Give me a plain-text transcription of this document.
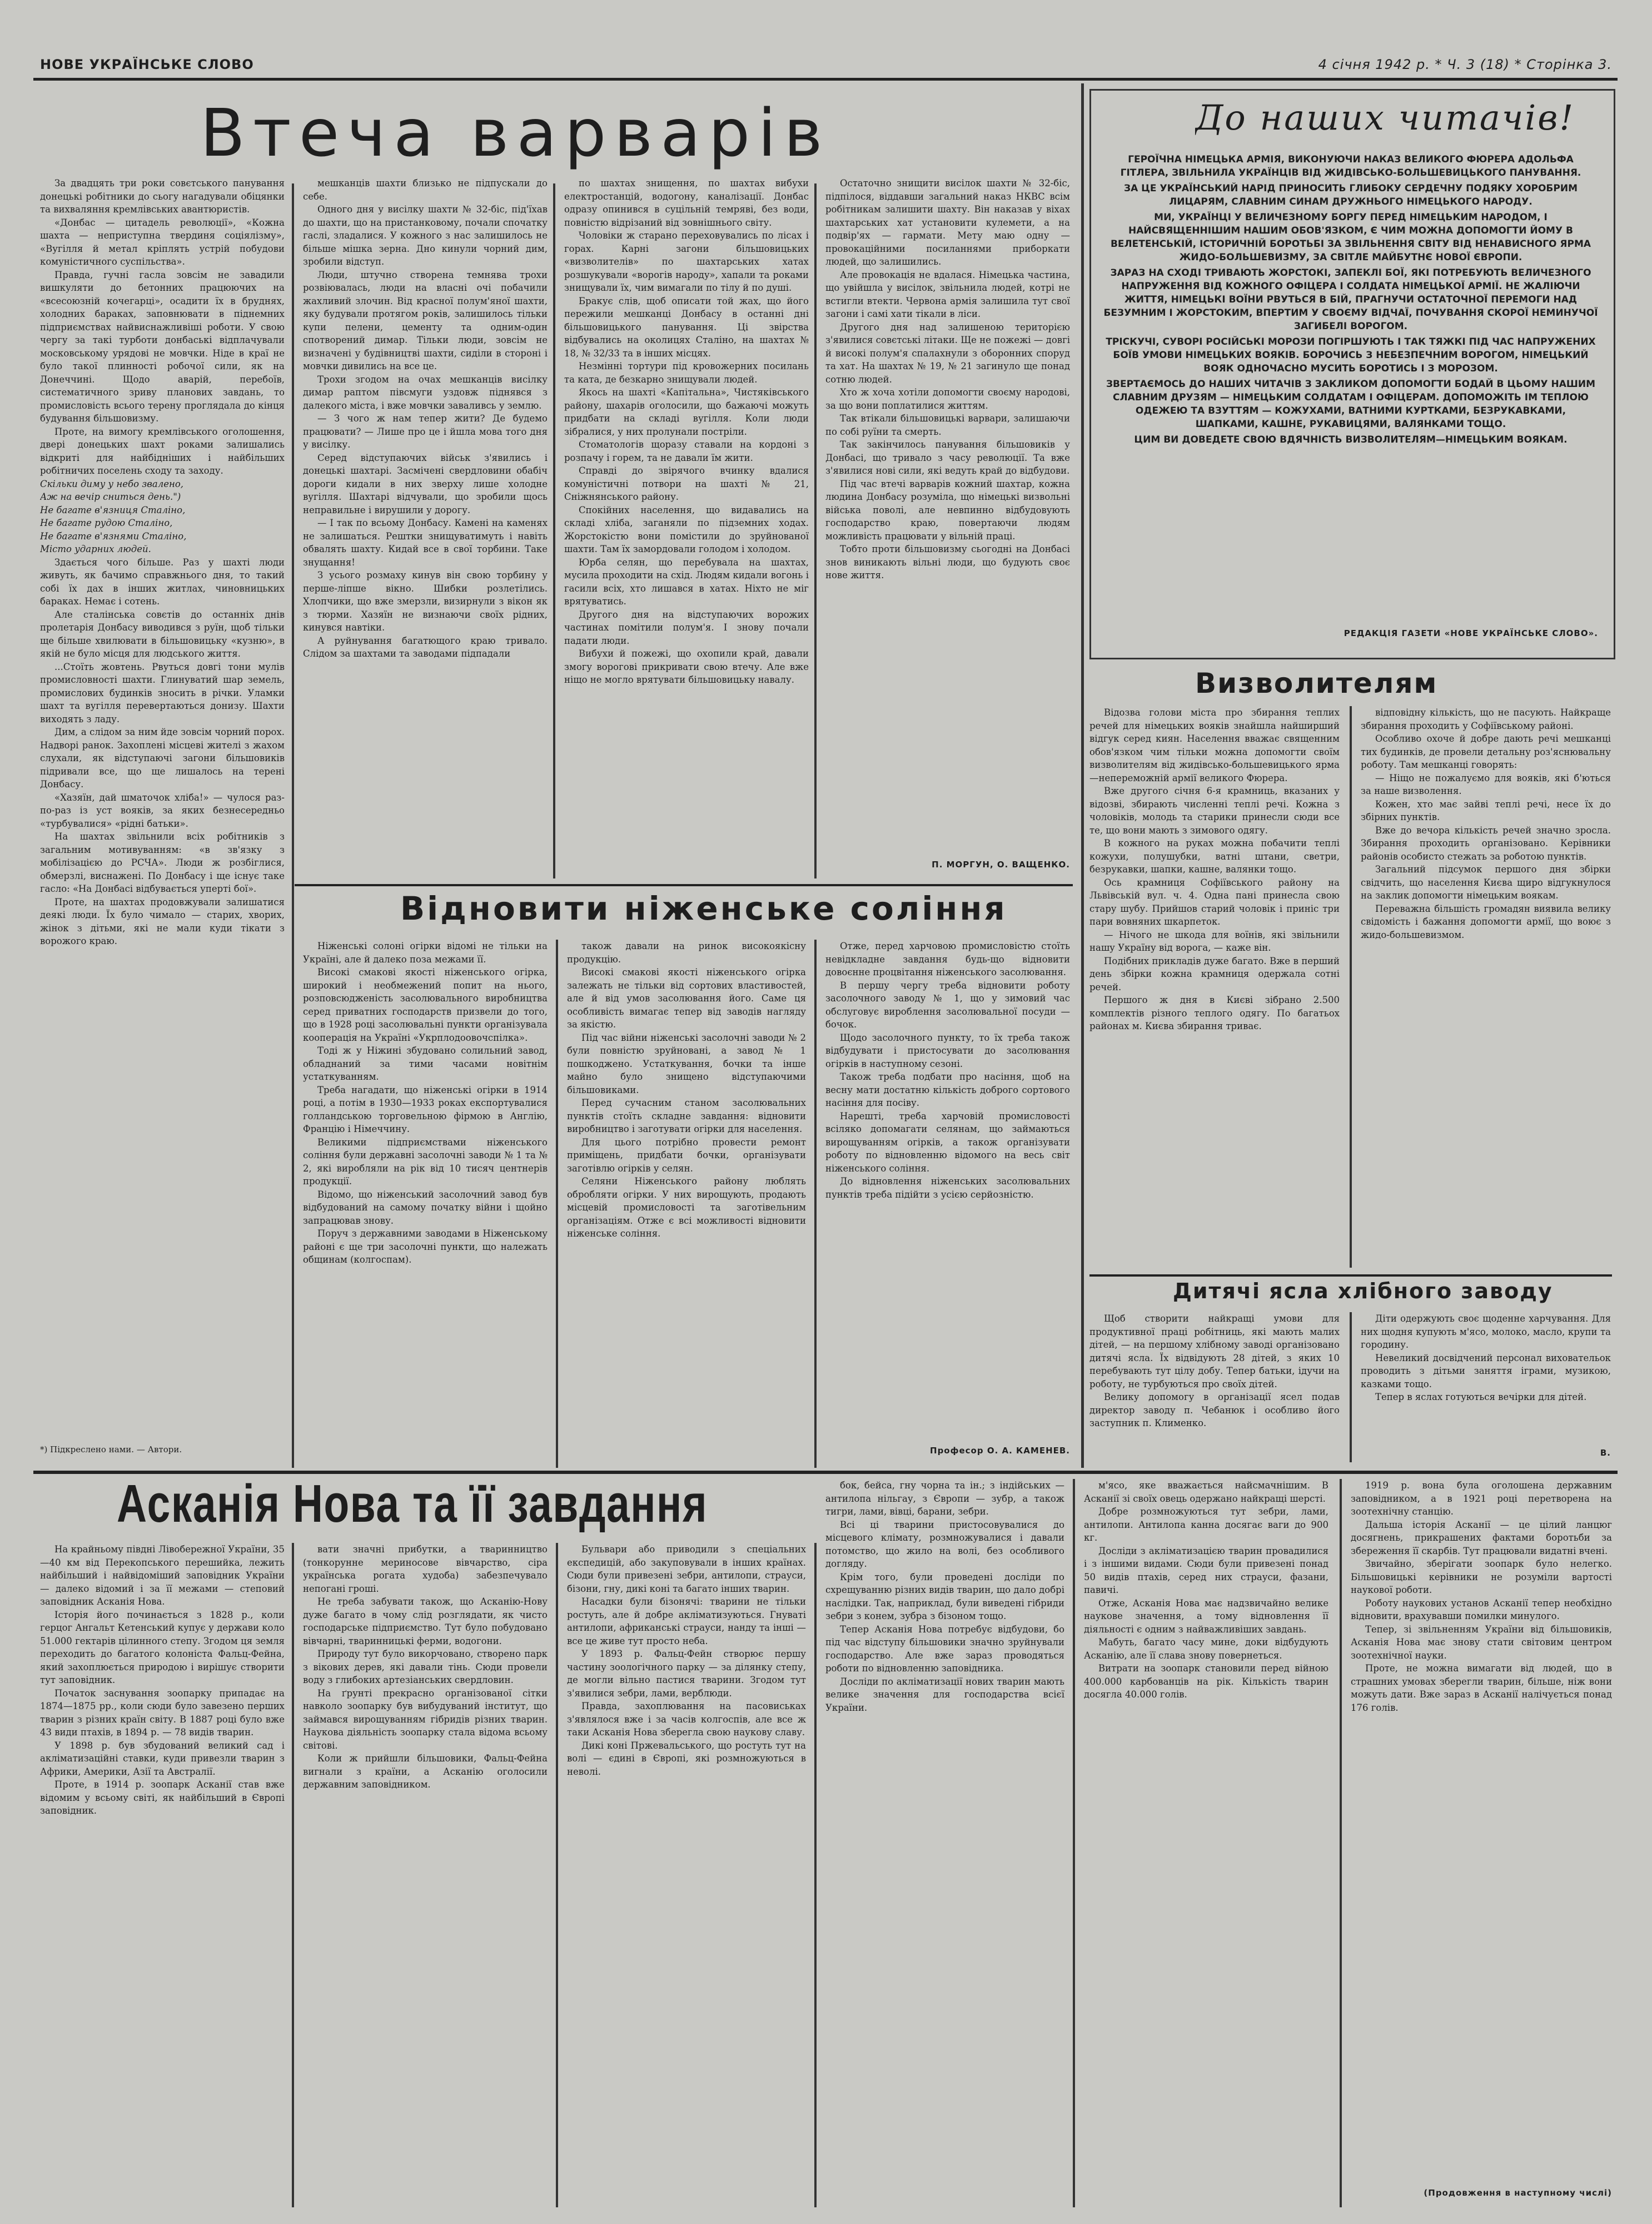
НОВЕ УКРАЇНСЬКЕ СЛОВО	4 січня 1942 р. * Ч. 3 (18) * Сторінка 3.
Втеча варварів

За двадцять три роки совєтського панування донецькі робітники до сьогу нагадували обіцянки та вихваляння кремлівських авантюристів.

«Донбас — цитадель революції», «Кожна шахта — неприступна твердиня соціялізму», «Вугілля й метал кріплять устрій побудови комуністичного суспільства».

Правда, гучні гасла зовсім не завадили вишкуляти до бетонних працюючих на «всесоюзній кочегарці», осадити їх в бруднях, холодних бараках, заповнювати в піднемних підприємствах найвиснажливіші роботи. У свою чергу за такі турботи донбаські відплачували московському урядові не мовчки. Ніде в краї не було такої плинності робочої сили, як на Донеччині. Щодо аварій, перебоїв, систематичного зриву планових завдань, то промисловість всього терену проглядала до кінця будування більшовизму.

Проте, на вимогу кремлівського оголошення, двері донецьких шахт роками залишались відкриті для найбідніших і найбільших робітничих поселень сходу та заходу.

Скільки диму у небо звалено,
Аж на вечір сниться день.")
Не багате в'язниця Сталіно,
Не багате рудою Сталіно,
Не багате в'язнями Сталіно,
Місто ударних людей.

Здається чого більше. Раз у шахті люди живуть, як бачимо справжнього дня, то такий собі їх дах в інших житлах, чиновницьких бараках. Немає і сотень.

Але сталінська совєтів до останніх днів пролетарія Донбасу виводився з руїн, щоб тільки ще більше хвилювати в більшовицьку «кузню», в якій не було місця для людського життя.

...Стоїть жовтень. Рвуться довгі тони мулів промисловності шахти. Глинуватий шар земель, промислових будинків зносить в річки. Уламки шахт та вугілля перевертаються донизу. Шахти виходять з ладу.

Дим, а слідом за ним йде зовсім чорний порох. Надворі ранок. Захоплені місцеві жителі з жахом слухали, як відступаючі загони більшовиків підривали все, що ще лишалось на терені Донбасу.

«Хазяїн, дай шматочок хліба!» — чулося раз-по-раз із уст вояків, за яких безнесередньо «турбувалися» «рідні батьки».

На шахтах звільнили всіх робітників з загальним мотивуванням: «в зв'язку з мобілізацією до РСЧА». Люди ж розбіглися, обмерзлі, виснажені. По Донбасу і ще існує таке гасло: «На Донбасі відбувається уперті бої».

Проте, на шахтах продовжували залишатися деякі люди. Їх було чимало — старих, хворих, жінок з дітьми, які не мали куди тікати з ворожого краю.

*) Підкреслено нами. — Автори.

мешканців шахти близько не підпускали до себе.

Одного дня у висілку шахти № 32-біс, під'їхав до шахти, що на пристанковому, почали спочатку гаслі, зладалися. У кожного з нас залишилось не більше мішка зерна. Дно кинули чорний дим, зробили відступ.

Люди, штучно створена темнява трохи розвіювалась, люди на власні очі побачили жахливий злочин. Від красної полум'яної шахти, яку будували протягом років, залишилось тільки купи пелени, цементу та одним-один спотворений димар. Тільки люди, зовсім не визначені у будівництві шахти, сиділи в стороні і мовчки дивились на все це.

Трохи згодом на очах мешканців висілку димар раптом півсмуги уздовж піднявся з далекого міста, і вже мовчки заваливсь у землю.

— З чого ж нам тепер жити? Де будемо працювати? — Лише про це і йшла мова того дня у висілку.

Серед відступаючих військ з'явились і донецькі шахтарі. Засмічені свердловини обабіч дороги кидали в них зверху лише холодне вугілля. Шахтарі відчували, що зробили щось неправильне і вирушили у дорогу.

— І так по всьому Донбасу. Камені на каменях не залишаться. Рештки знищуватимуть і навіть обвалять шахту. Кидай все в свої торбини. Таке знущання!

З усього розмаху кинув він свою торбину у перше-ліпше вікно. Шибки розлетілись. Хлопчики, що вже змерзли, визирнули з вікон як з тюрми. Хазяїн не визнаючи своїх рідних, кинувся навтіки.

А руйнування багатющого краю тривало. Слідом за шахтами та заводами підпадали

по шахтах знищення, по шахтах вибухи електростанцій, водогону, каналізації. Донбас одразу опинився в суцільній темряві, без води, повністю відрізаний від зовнішнього світу.

Чоловіки ж старано переховувались по лісах і горах. Карні загони більшовицьких «визволителів» по шахтарських хатах розшукували «ворогів народу», хапали та роками знищували їх, чим вимагали по тілу й по душі.

Бракує слів, щоб описати той жах, що його пережили мешканці Донбасу в останні дні більшовицького панування. Ці звірства відбувались на околицях Сталіно, на шахтах № 18, № 32/33 та в інших місцях.

Незмінні тортури під кровожерних посилань та ката, де безкарно знищували людей.

Якось на шахті «Капітальна», Чистяківського району, шахарів оголосили, що бажаючі можуть придбати на складі вугілля. Коли люди зібралися, у них пролунали постріли.

Стоматологів щоразу ставали на кордоні з розпачу і горем, та не давали їм жити.

Справді до звірячого вчинку вдалися комуністичні потвори на шахті № 21, Сніжнянського району.

Спокійних населення, що видавались на складі хліба, заганяли по підземних ходах. Жорстокістю вони помістили до зруйнованої шахти. Там їх замордовали голодом і холодом.

Юрба селян, що перебувала на шахтах, мусила проходити на схід. Людям кидали вогонь і гасили всіх, хто лишався в хатах. Ніхто не міг врятуватись.

Другого дня на відступаючих ворожих частинах помітили полум'я. І знову почали падати люди.

Вибухи й пожежі, що охопили край, давали змогу ворогові прикривати свою втечу. Але вже ніщо не могло врятувати більшовицьку навалу.

Остаточно знищити висілок шахти № 32-біс, підпілося, віддавши загальний наказ НКВС всім робітникам залишити шахту. Він наказав у віхах шахтарських хат установити кулемети, а на подвір'ях — гармати. Мету маю одну — провокаційними посиланнями приборкати людей, що залишились.

Але провокація не вдалася. Німецька частина, що увійшла у висілок, звільнила людей, котрі не встигли втекти. Червона армія залишила тут свої загони і самі хати тікали в ліси.

Другого дня над залишеною територією з'явилися совєтські літаки. Ще не пожежі — довгі й високі полум'я спалахнули з оборонних споруд та хат. На шахтах № 19, № 21 загинуло ще понад сотню людей.

Хто ж хоча хотіли допомогти своєму народові, за що вони поплатилися життям.

Так втікали більшовицькі варвари, залишаючи по собі руїни та смерть.

Так закінчилось панування більшовиків у Донбасі, що тривало з часу революції. Та вже з'явилися нові сили, які ведуть край до відбудови.

Під час втечі варварів кожний шахтар, кожна людина Донбасу розуміла, що німецькі визвольні війська поволі, але невпинно відбудовують господарство краю, повертаючи людям можливість працювати у вільній праці.

Тобто проти більшовизму сьогодні на Донбасі знов виникають вільні люди, що будують своє нове життя.

П. МОРГУН, О. ВАЩЕНКО.
Відновити ніженське соління

Ніженські солоні огірки відомі не тільки на Україні, але й далеко поза межами її.

Високі смакові якості ніженського огірка, широкий і необмежений попит на нього, розповсюдженість засолювального виробництва серед приватних господарств призвели до того, що в 1928 році засолювальні пункти організувала кооперація на Україні «Укрплодоовочспілка».

Тоді ж у Ніжині збудовано солильний завод, обладнаний за тими часами новітнім устаткуванням.

Треба нагадати, що ніженські огірки в 1914 році, а потім в 1930—1933 роках експортувалися голландською торговельною фірмою в Англію, Францію і Німеччину.

Великими підприємствами ніженського соління були державні засолочні заводи № 1 та № 2, які виробляли на рік від 10 тисяч центнерів продукції.

Відомо, що ніженський засолочний завод був відбудований на самому початку війни і щойно запрацював знову.

Поруч з державними заводами в Ніженському районі є ще три засолочні пункти, що належать общинам (колгоспам).

також давали на ринок високоякісну продукцію.

Високі смакові якості ніженського огірка залежать не тільки від сортових властивостей, але й від умов засолювання його. Саме ця особливість вимагає тепер від заводів нагляду за якістю.

Під час війни ніженські засолочні заводи № 2 були повністю зруйновані, а завод № 1 пошкоджено. Устаткування, бочки та інше майно було знищено відступаючими більшовиками.

Перед сучасним станом засолювальних пунктів стоїть складне завдання: відновити виробництво і заготувати огірки для населення.

Для цього потрібно провести ремонт приміщень, придбати бочки, організувати заготівлю огірків у селян.

Селяни Ніженського району люблять обробляти огірки. У них вирощують, продають місцевій промисловості та заготівельним організаціям. Отже є всі можливості відновити ніженське соління.

Отже, перед харчовою промисловістю стоїть невідкладне завдання будь-що відновити довоєнне процвітання ніженського засолювання.

В першу чергу треба відновити роботу засолочного заводу № 1, що у зимовий час обслуговує вироблення засолювальної посуди — бочок.

Щодо засолочного пункту, то їх треба також відбудувати і пристосувати до засолювання огірків в наступному сезоні.

Також треба подбати про насіння, щоб на весну мати достатню кількість доброго сортового насіння для посіву.

Нарешті, треба харчовій промисловості всіляко допомагати селянам, що займаються вирощуванням огірків, а також організувати роботу по відновленню відомого на весь світ ніженського соління.

До відновлення ніженських засолювальних пунктів треба підійти з усією серйозністю.

Професор О. А. КАМЕНЕВ.
До наших читачів!

ГЕРОЇЧНА НІМЕЦЬКА АРМІЯ, ВИКОНУЮЧИ НАКАЗ ВЕЛИКОГО ФЮРЕРА АДОЛЬФА ГІТЛЕРА, ЗВІЛЬНИЛА УКРАЇНЦІВ ВІД ЖИДІВСЬКО-БОЛЬШЕВИЦЬКОГО ПАНУВАННЯ.

ЗА ЦЕ УКРАЇНСЬКИЙ НАРІД ПРИНОСИТЬ ГЛИБОКУ СЕРДЕЧНУ ПОДЯКУ ХОРОБРИМ ЛИЦАРЯМ, СЛАВНИМ СИНАМ ДРУЖНЬОГО НІМЕЦЬКОГО НАРОДУ.

МИ, УКРАЇНЦІ У ВЕЛИЧЕЗНОМУ БОРГУ ПЕРЕД НІМЕЦЬКИМ НАРОДОМ, І НАЙСВЯЩЕННІШИМ НАШИМ ОБОВ'ЯЗКОМ, Є ЧИМ МОЖНА ДОПОМОГТИ ЙОМУ В ВЕЛЕТЕНСЬКІЙ, ІСТОРИЧНІЙ БОРОТЬБІ ЗА ЗВІЛЬНЕННЯ СВІТУ ВІД НЕНАВИСНОГО ЯРМА ЖИДО-БОЛЬШЕВИЗМУ, ЗА СВІТЛЕ МАЙБУТНЄ НОВОЇ ЄВРОПИ.

ЗАРАЗ НА СХОДІ ТРИВАЮТЬ ЖОРСТОКІ, ЗАПЕКЛІ БОЇ, ЯКІ ПОТРЕБУЮТЬ ВЕЛИЧЕЗНОГО НАПРУЖЕННЯ ВІД КОЖНОГО ОФІЦЕРА І СОЛДАТА НІМЕЦЬКОЇ АРМІЇ. НЕ ЖАЛІЮЧИ ЖИТТЯ, НІМЕЦЬКІ ВОЇНИ РВУТЬСЯ В БІЙ, ПРАГНУЧИ ОСТАТОЧНОЇ ПЕРЕМОГИ НАД БЕЗУМНИМ І ЖОРСТОКИМ, ВПЕРТИМ У СВОЄМУ ВІДЧАЇ, ПОЧУВАННЯ СКОРОЇ НЕМИНУЧОЇ ЗАГИБЕЛІ ВОРОГОМ.

ТРІСКУЧІ, СУВОРІ РОСІЙСЬКІ МОРОЗИ ПОГІРШУЮТЬ І ТАК ТЯЖКІ ПІД ЧАС НАПРУЖЕНИХ БОЇВ УМОВИ НІМЕЦЬКИХ ВОЯКІВ. БОРОЧИСЬ З НЕБЕЗПЕЧНИМ ВОРОГОМ, НІМЕЦЬКИЙ ВОЯК ОДНОЧАСНО МУСИТЬ БОРОТИСЬ І З МОРОЗОМ.

ЗВЕРТАЄМОСЬ ДО НАШИХ ЧИТАЧІВ З ЗАКЛИКОМ ДОПОМОГТИ БОДАЙ В ЦЬОМУ НАШИМ СЛАВНИМ ДРУЗЯМ — НІМЕЦЬКИМ СОЛДАТАМ І ОФІЦЕРАМ. ДОПОМОЖІТЬ ІМ ТЕПЛОЮ ОДЕЖЕЮ ТА ВЗУТТЯМ — КОЖУХАМИ, ВАТНИМИ КУРТКАМИ, БЕЗРУКАВКАМИ, ШАПКАМИ, КАШНЕ, РУКАВИЦЯМИ, ВАЛЯНКАМИ ТОЩО.

ЦИМ ВИ ДОВЕДЕТЕ СВОЮ ВДЯЧНІСТЬ ВИЗВОЛИТЕЛЯМ—НІМЕЦЬКИМ ВОЯКАМ.

РЕДАКЦІЯ ГАЗЕТИ «НОВЕ УКРАЇНСЬКЕ СЛОВО».
Визволителям

Відозва голови міста про збирання теплих речей для німецьких вояків знайшла найширший відгук серед киян. Населення вважає священним обов'язком чим тільки можна допомогти своїм визволителям від жидівсько-большевицького ярма—непереможній армії великого Фюрера.

Вже другого січня 6-я крамниць, вказаних у відозві, збирають численні теплі речі. Кожна з чоловіків, молодь та старики принесли сюди все те, що вони мають з зимового одягу.

В кожного на руках можна побачити теплі кожухи, полушубки, ватні штани, светри, безрукавки, шапки, кашне, валянки тощо.

Ось крамниця Софіївського району на Львівській вул. ч. 4. Одна пані принесла свою стару шубу. Прийшов старий чоловік і приніс три пари вовняних шкарпеток.

— Нічого не шкода для воїнів, які звільнили нашу Україну від ворога, — каже він.

Подібних прикладів дуже багато. Вже в перший день збірки кожна крамниця одержала сотні речей.

Першого ж дня в Києві зібрано 2.500 комплектів різного теплого одягу. По багатьох районах м. Києва збирання триває.

відповідну кількість, що не пасують. Найкраще збирання проходить у Софіївському районі.

Особливо охоче й добре дають речі мешканці тих будинків, де провели детальну роз'яснювальну роботу. Там мешканці говорять:

— Ніщо не пожалуємо для вояків, які б'ються за наше визволення.

Кожен, хто має зайві теплі речі, несе їх до збірних пунктів.

Вже до вечора кількість речей значно зросла. Збирання проходить організовано. Керівники районів особисто стежать за роботою пунктів.

Загальний підсумок першого дня збірки свідчить, що населення Києва щиро відгукнулося на заклик допомогти німецьким воякам.

Переважна більшість громадян виявила велику свідомість і бажання допомогти армії, що воює з жидо-большевизмом.

Дитячі ясла хлібного заводу

Щоб створити найкращі умови для продуктивної праці робітниць, які мають малих дітей, — на першому хлібному заводі організовано дитячі ясла. Їх відвідують 28 дітей, з яких 10 перебувають тут цілу добу. Тепер батьки, ідучи на роботу, не турбуються про своїх дітей.

Велику допомогу в організації ясел подав директор заводу п. Чебанюк і особливо його заступник п. Клименко.

Діти одержують своє щоденне харчування. Для них щодня купують м'ясо, молоко, масло, крупи та городину.

Невеликий досвідчений персонал виховательок проводить з дітьми заняття іграми, музикою, казками тощо.

Тепер в яслах готуються вечірки для дітей.

В.
Асканія Нова та її завдання

На крайньому півдні Лівобережної України, 35—40 км від Перекопського перешийка, лежить найбільший і найвідоміший заповідник України — далеко відомий і за її межами — степовий заповідник Асканія Нова.

Історія його починається з 1828 р., коли герцог Ангальт Кетенський купує у держави коло 51.000 гектарів цілинного степу. Згодом ця земля переходить до багатого колоніста Фальц-Фейна, який захоплюється природою і вирішує створити тут заповідник.

Початок заснування зоопарку припадає на 1874—1875 рр., коли сюди було завезено перших тварин з різних країн світу. В 1887 році було вже 43 види птахів, в 1894 р. — 78 видів тварин.

У 1898 р. був збудований великий сад і акліматизаційні ставки, куди привезли тварин з Африки, Америки, Азії та Австралії.

Проте, в 1914 р. зоопарк Асканії став вже відомим у всьому світі, як найбільший в Європі заповідник.

вати значні прибутки, а тваринництво (тонкорунне мериносове вівчарство, сіра українська рогата худоба) забезпечувало непогані гроші.

Не треба забувати також, що Асканію-Нову дуже багато в чому слід розглядати, як чисто господарське підприємство. Тут було побудовано вівчарні, тваринницькі ферми, водогони.

Природу тут було викорчовано, створено парк з вікових дерев, які давали тінь. Сюди провели воду з глибоких артезіанських свердловин.

На ґрунті прекрасно організованої сітки навколо зоопарку був вибудуваний інститут, що займався вирощуванням гібридів різних тварин. Наукова діяльність зоопарку стала відома всьому світові.

Коли ж прийшли більшовики, Фальц-Фейна вигнали з країни, а Асканію оголосили державним заповідником.

Бульвари або приводили з спеціальних експедицій, або закуповували в інших країнах. Сюди були привезені зебри, антилопи, страуси, бізони, гну, дикі коні та багато інших тварин.

Насадки були бізонячі: тварини не тільки ростуть, але й добре акліматизуються. Гнуваті антилопи, африканські страуси, нандy та інші — все це живе тут просто неба.

У 1893 р. Фальц-Фейн створює першу частину зоологічного парку — за ділянку степу, де могли вільно пастися тварини. Згодом тут з'явилися зебри, лами, верблюди.

Правда, захоплювання на пасовиськах з'являлося вже і за часів колгоспів, але все ж таки Асканія Нова зберегла свою наукову славу.

Дикі коні Пржевальського, що ростуть тут на волі — єдині в Європі, які розмножуються в неволі.

бок, бейса, гну чорна та ін.; з індійських — антилопа нільгау, з Європи — зубр, а також тигри, лами, вівці, барани, зебри.

Всі ці тварини пристосовувалися до місцевого клімату, розмножувалися і давали потомство, що жило на волі, без особливого догляду.

Крім того, були проведені досліди по схрещуванню різних видів тварин, що дало добрі наслідки. Так, наприклад, були виведені гібриди зебри з конем, зубра з бізоном тощо.

Тепер Асканія Нова потребує відбудови, бо під час відступу більшовики значно зруйнували господарство. Але вже зараз проводяться роботи по відновленню заповідника.

Досліди по акліматизації нових тварин мають велике значення для господарства всієї України.

м'ясо, яке вважається найсмачнішим. В Асканії зі своїх овець одержано найкращі шерсті.

Добре розмножуються тут зебри, лами, антилопи. Антилопа канна досягає ваги до 900 кг.

Досліди з акліматизацією тварин провадилися і з іншими видами. Сюди були привезені понад 50 видів птахів, серед них страуси, фазани, павичі.

Отже, Асканія Нова має надзвичайно велике наукове значення, а тому відновлення її діяльності є одним з найважливіших завдань.

Мабуть, багато часу мине, доки відбудують Асканію, але її слава знову повернеться.

Витрати на зоопарк становили перед війною 400.000 карбованців на рік. Кількість тварин досягла 40.000 голів.

1919 р. вона була оголошена державним заповідником, а в 1921 році перетворена на зоотехнічну станцію.

Дальша історія Асканії — це цілий ланцюг досягнень, прикрашених фактами боротьби за збереження її скарбів. Тут працювали видатні вчені.

Звичайно, зберігати зоопарк було нелегко. Більшовицькі керівники не розуміли вартості наукової роботи.

Роботу наукових установ Асканії тепер необхідно відновити, врахувавши помилки минулого.

Тепер, зі звільненням України від більшовиків, Асканія Нова має знову стати світовим центром зоотехнічної науки.

Проте, не можна вимагати від людей, що в страшних умовах зберегли тварин, більше, ніж вони можуть дати. Вже зараз в Асканії налічується понад 176 голів.

(Продовження в наступному числі)
